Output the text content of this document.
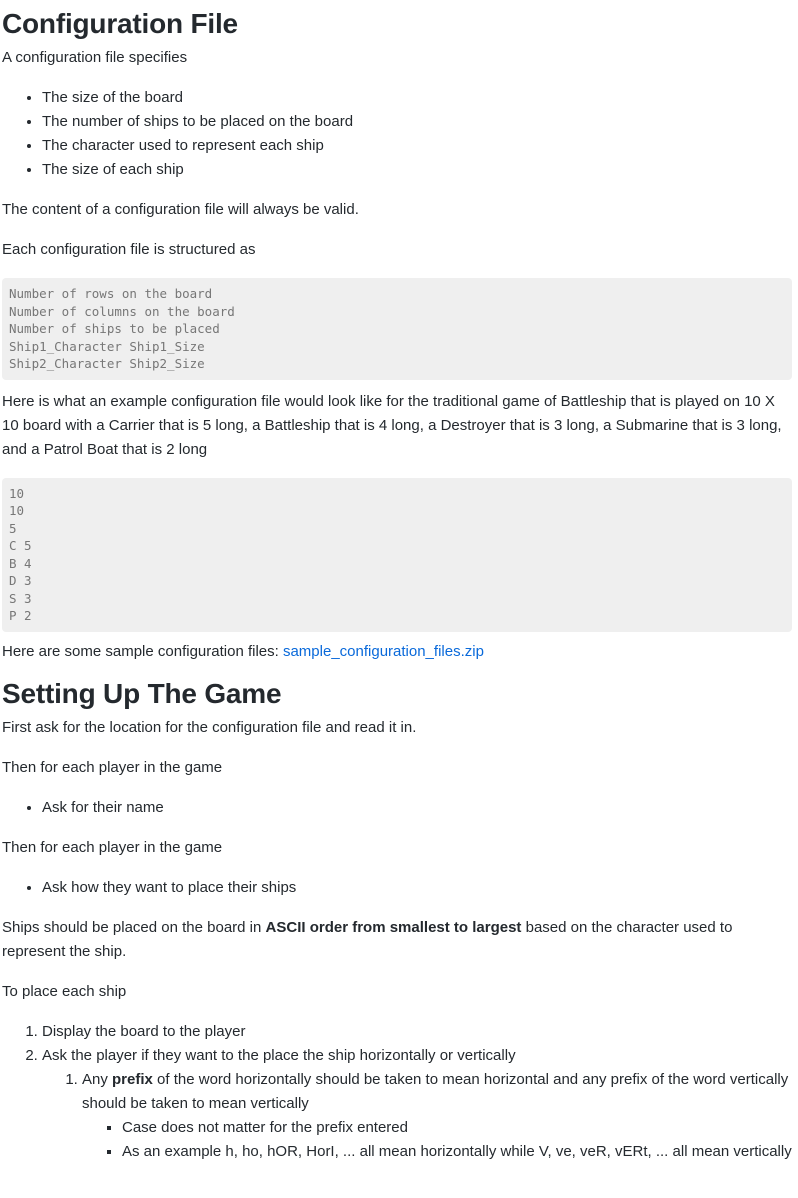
Configuration File

A configuration file specifies

• The size of the board
• The number of ships to be placed on the board
• The character used to represent each ship
• The size of each ship

The content of a configuration file will always be valid.

Each configuration file is structured as

Number of rows on the board
Number of columns on the board
Number of ships to be placed
Ship1_Character Ship1_Size
Ship2_Character Ship2_Size

Here is what an example configuration file would look like for the traditional game of Battleship that is played on 10 X 10 board with a Carrier that is 5 long, a Battleship that is 4 long, a Destroyer that is 3 long, a Submarine that is 3 long, and a Patrol Boat that is 2 long

10
10
5
C 5
B 4
D 3
S 3
P 2

Here are some sample configuration files: sample_configuration_files.zip

Setting Up The Game

First ask for the location for the configuration file and read it in.

Then for each player in the game

• Ask for their name

Then for each player in the game

• Ask how they want to place their ships

Ships should be placed on the board in ASCII order from smallest to largest based on the character used to represent the ship.

To place each ship

1. Display the board to the player
2. Ask the player if they want to the place the ship horizontally or vertically
1. Any prefix of the word horizontally should be taken to mean horizontal and any prefix of the word vertically should be taken to mean vertically
▪ Case does not matter for the prefix entered
▪ As an example h, ho, hOR, HorI, ... all mean horizontally while V, ve, veR, vERt, ... all mean vertically
